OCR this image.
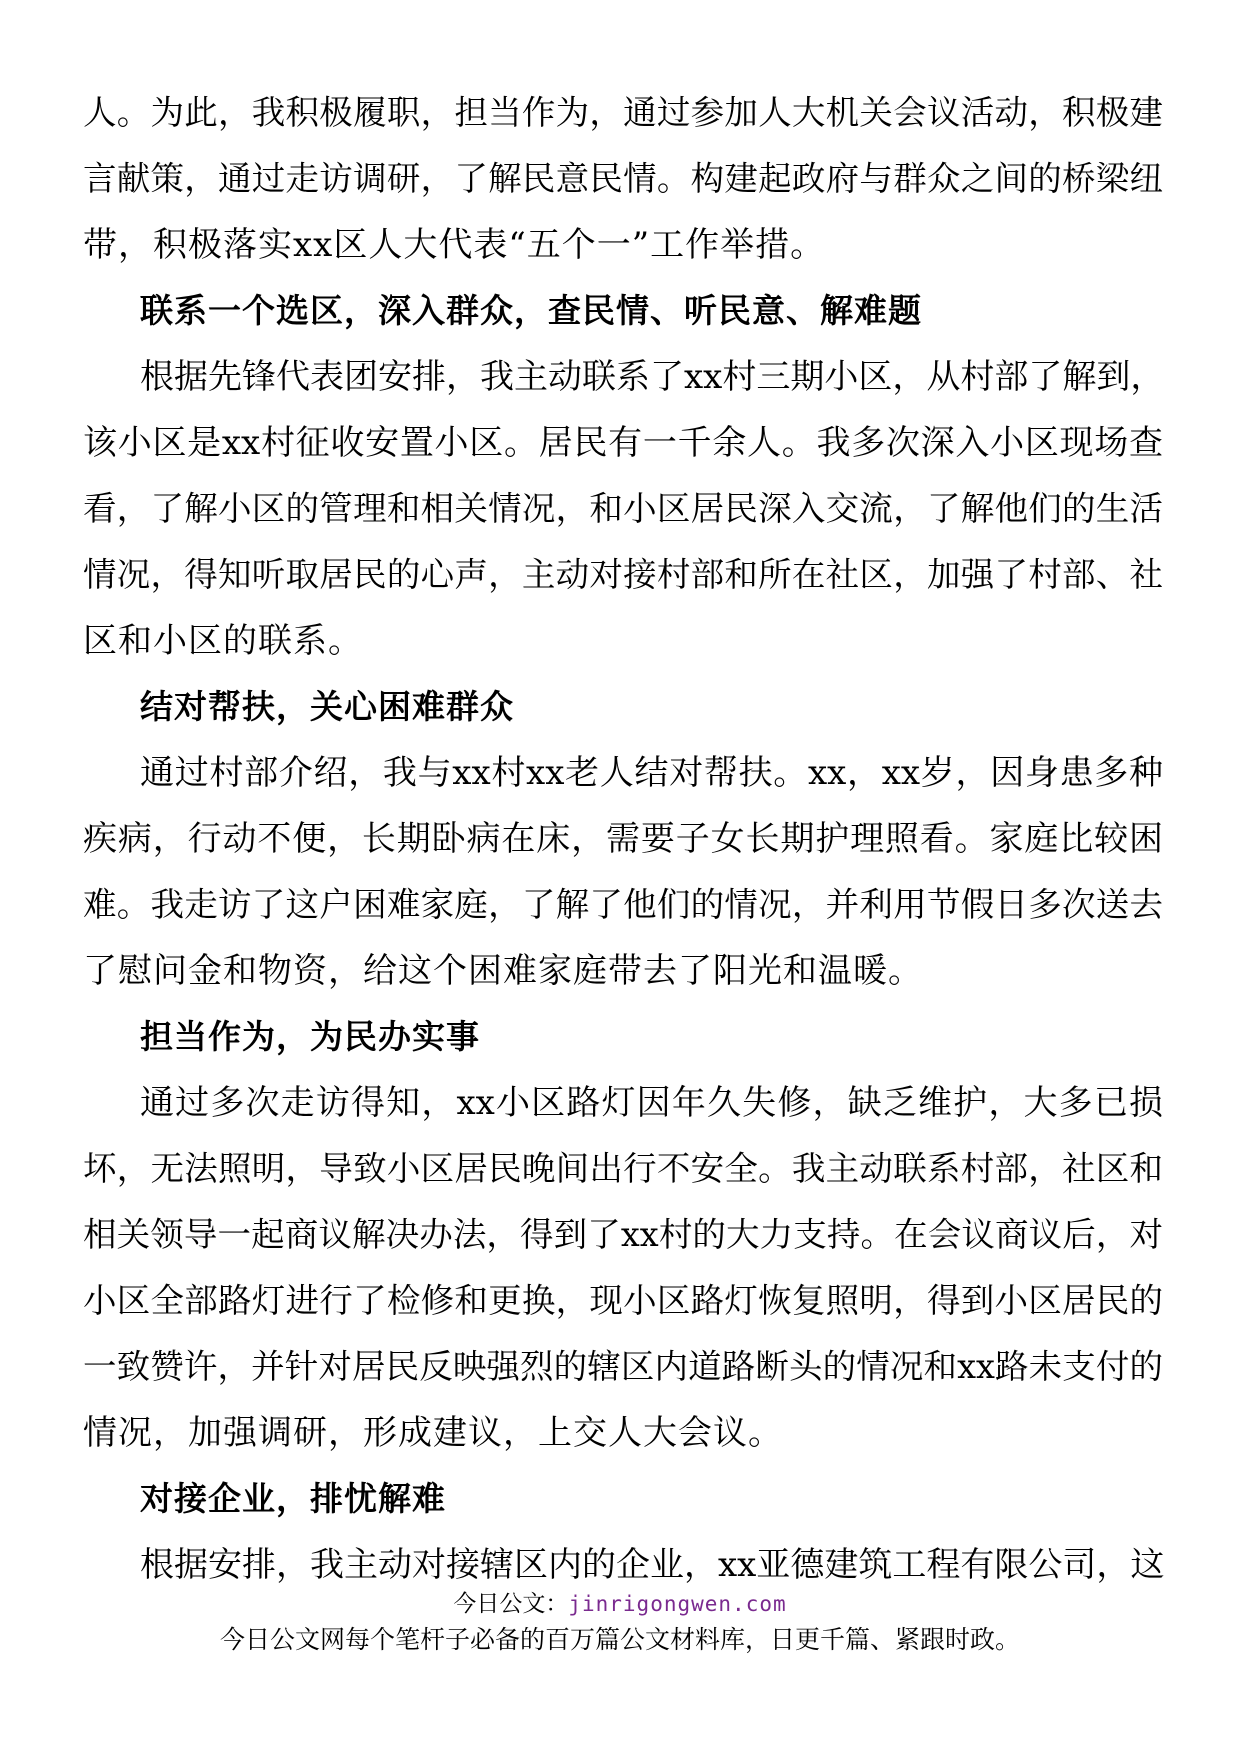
人。为此，我积极履职，担当作为，通过参加人大机关会议活动，积极建
言献策，通过走访调研，了解民意民情。构建起政府与群众之间的桥梁纽
带，积极落实xx区人大代表“五个一”工作举措。
联系一个选区，深入群众，查民情、听民意、解难题
根据先锋代表团安排，我主动联系了xx村三期小区，从村部了解到，
该小区是xx村征收安置小区。居民有一千余人。我多次深入小区现场查
看，了解小区的管理和相关情况，和小区居民深入交流，了解他们的生活
情况，得知听取居民的心声，主动对接村部和所在社区，加强了村部、社
区和小区的联系。
结对帮扶，关心困难群众
通过村部介绍，我与xx村xx老人结对帮扶。xx，xx岁，因身患多种
疾病，行动不便，长期卧病在床，需要子女长期护理照看。家庭比较困
难。我走访了这户困难家庭，了解了他们的情况，并利用节假日多次送去
了慰问金和物资，给这个困难家庭带去了阳光和温暖。
担当作为，为民办实事
通过多次走访得知，xx小区路灯因年久失修，缺乏维护，大多已损
坏，无法照明，导致小区居民晚间出行不安全。我主动联系村部，社区和
相关领导一起商议解决办法，得到了xx村的大力支持。在会议商议后，对
小区全部路灯进行了检修和更换，现小区路灯恢复照明，得到小区居民的
一致赞许，并针对居民反映强烈的辖区内道路断头的情况和xx路未支付的
情况，加强调研，形成建议，上交人大会议。
对接企业，排忧解难
根据安排，我主动对接辖区内的企业，xx亚德建筑工程有限公司，这
今日公文：jinrigongwen.com
今日公文网每个笔杆子必备的百万篇公文材料库，日更千篇、紧跟时政。
